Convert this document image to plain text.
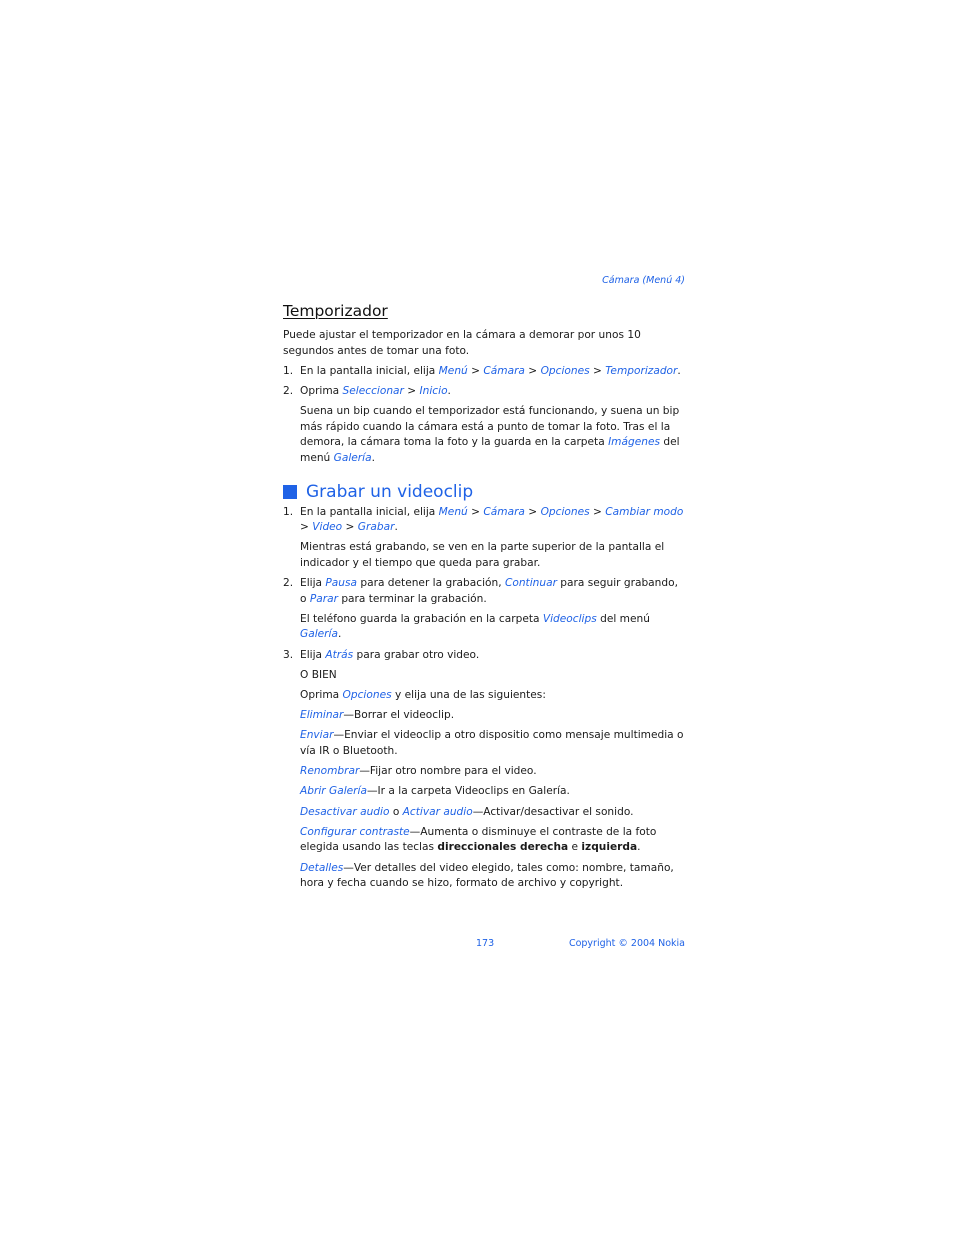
Cámara (Menú 4)
Temporizador

Puede ajustar el temporizador en la cámara a demorar por unos 10 segundos antes de tomar una foto.

1. En la pantalla inicial, elija Menú > Cámara > Opciones > Temporizador.
2. Oprima Seleccionar > Inicio.
Suena un bip cuando el temporizador está funcionando, y suena un bip más rápido cuando la cámara está a punto de tomar la foto. Tras el la demora, la cámara toma la foto y la guarda en la carpeta Imágenes del menú Galería.
Grabar un videoclip
1. En la pantalla inicial, elija Menú > Cámara > Opciones > Cambiar modo > Video > Grabar.
Mientras está grabando, se ven en la parte superior de la pantalla el indicador y el tiempo que queda para grabar.
2. Elija Pausa para detener la grabación, Continuar para seguir grabando, o Parar para terminar la grabación.
El teléfono guarda la grabación en la carpeta Videoclips del menú Galería.
3. Elija Atrás para grabar otro video.
O BIEN
Oprima Opciones y elija una de las siguientes:
Eliminar—Borrar el videoclip.
Enviar—Enviar el videoclip a otro dispositio como mensaje multimedia o vía IR o Bluetooth.
Renombrar—Fijar otro nombre para el video.
Abrir Galería—Ir a la carpeta Videoclips en Galería.
Desactivar audio o Activar audio—Activar/desactivar el sonido.
Configurar contraste—Aumenta o disminuye el contraste de la foto elegida usando las teclas direccionales derecha e izquierda.
Detalles—Ver detalles del video elegido, tales como: nombre, tamaño, hora y fecha cuando se hizo, formato de archivo y copyright.
173	Copyright © 2004 Nokia
